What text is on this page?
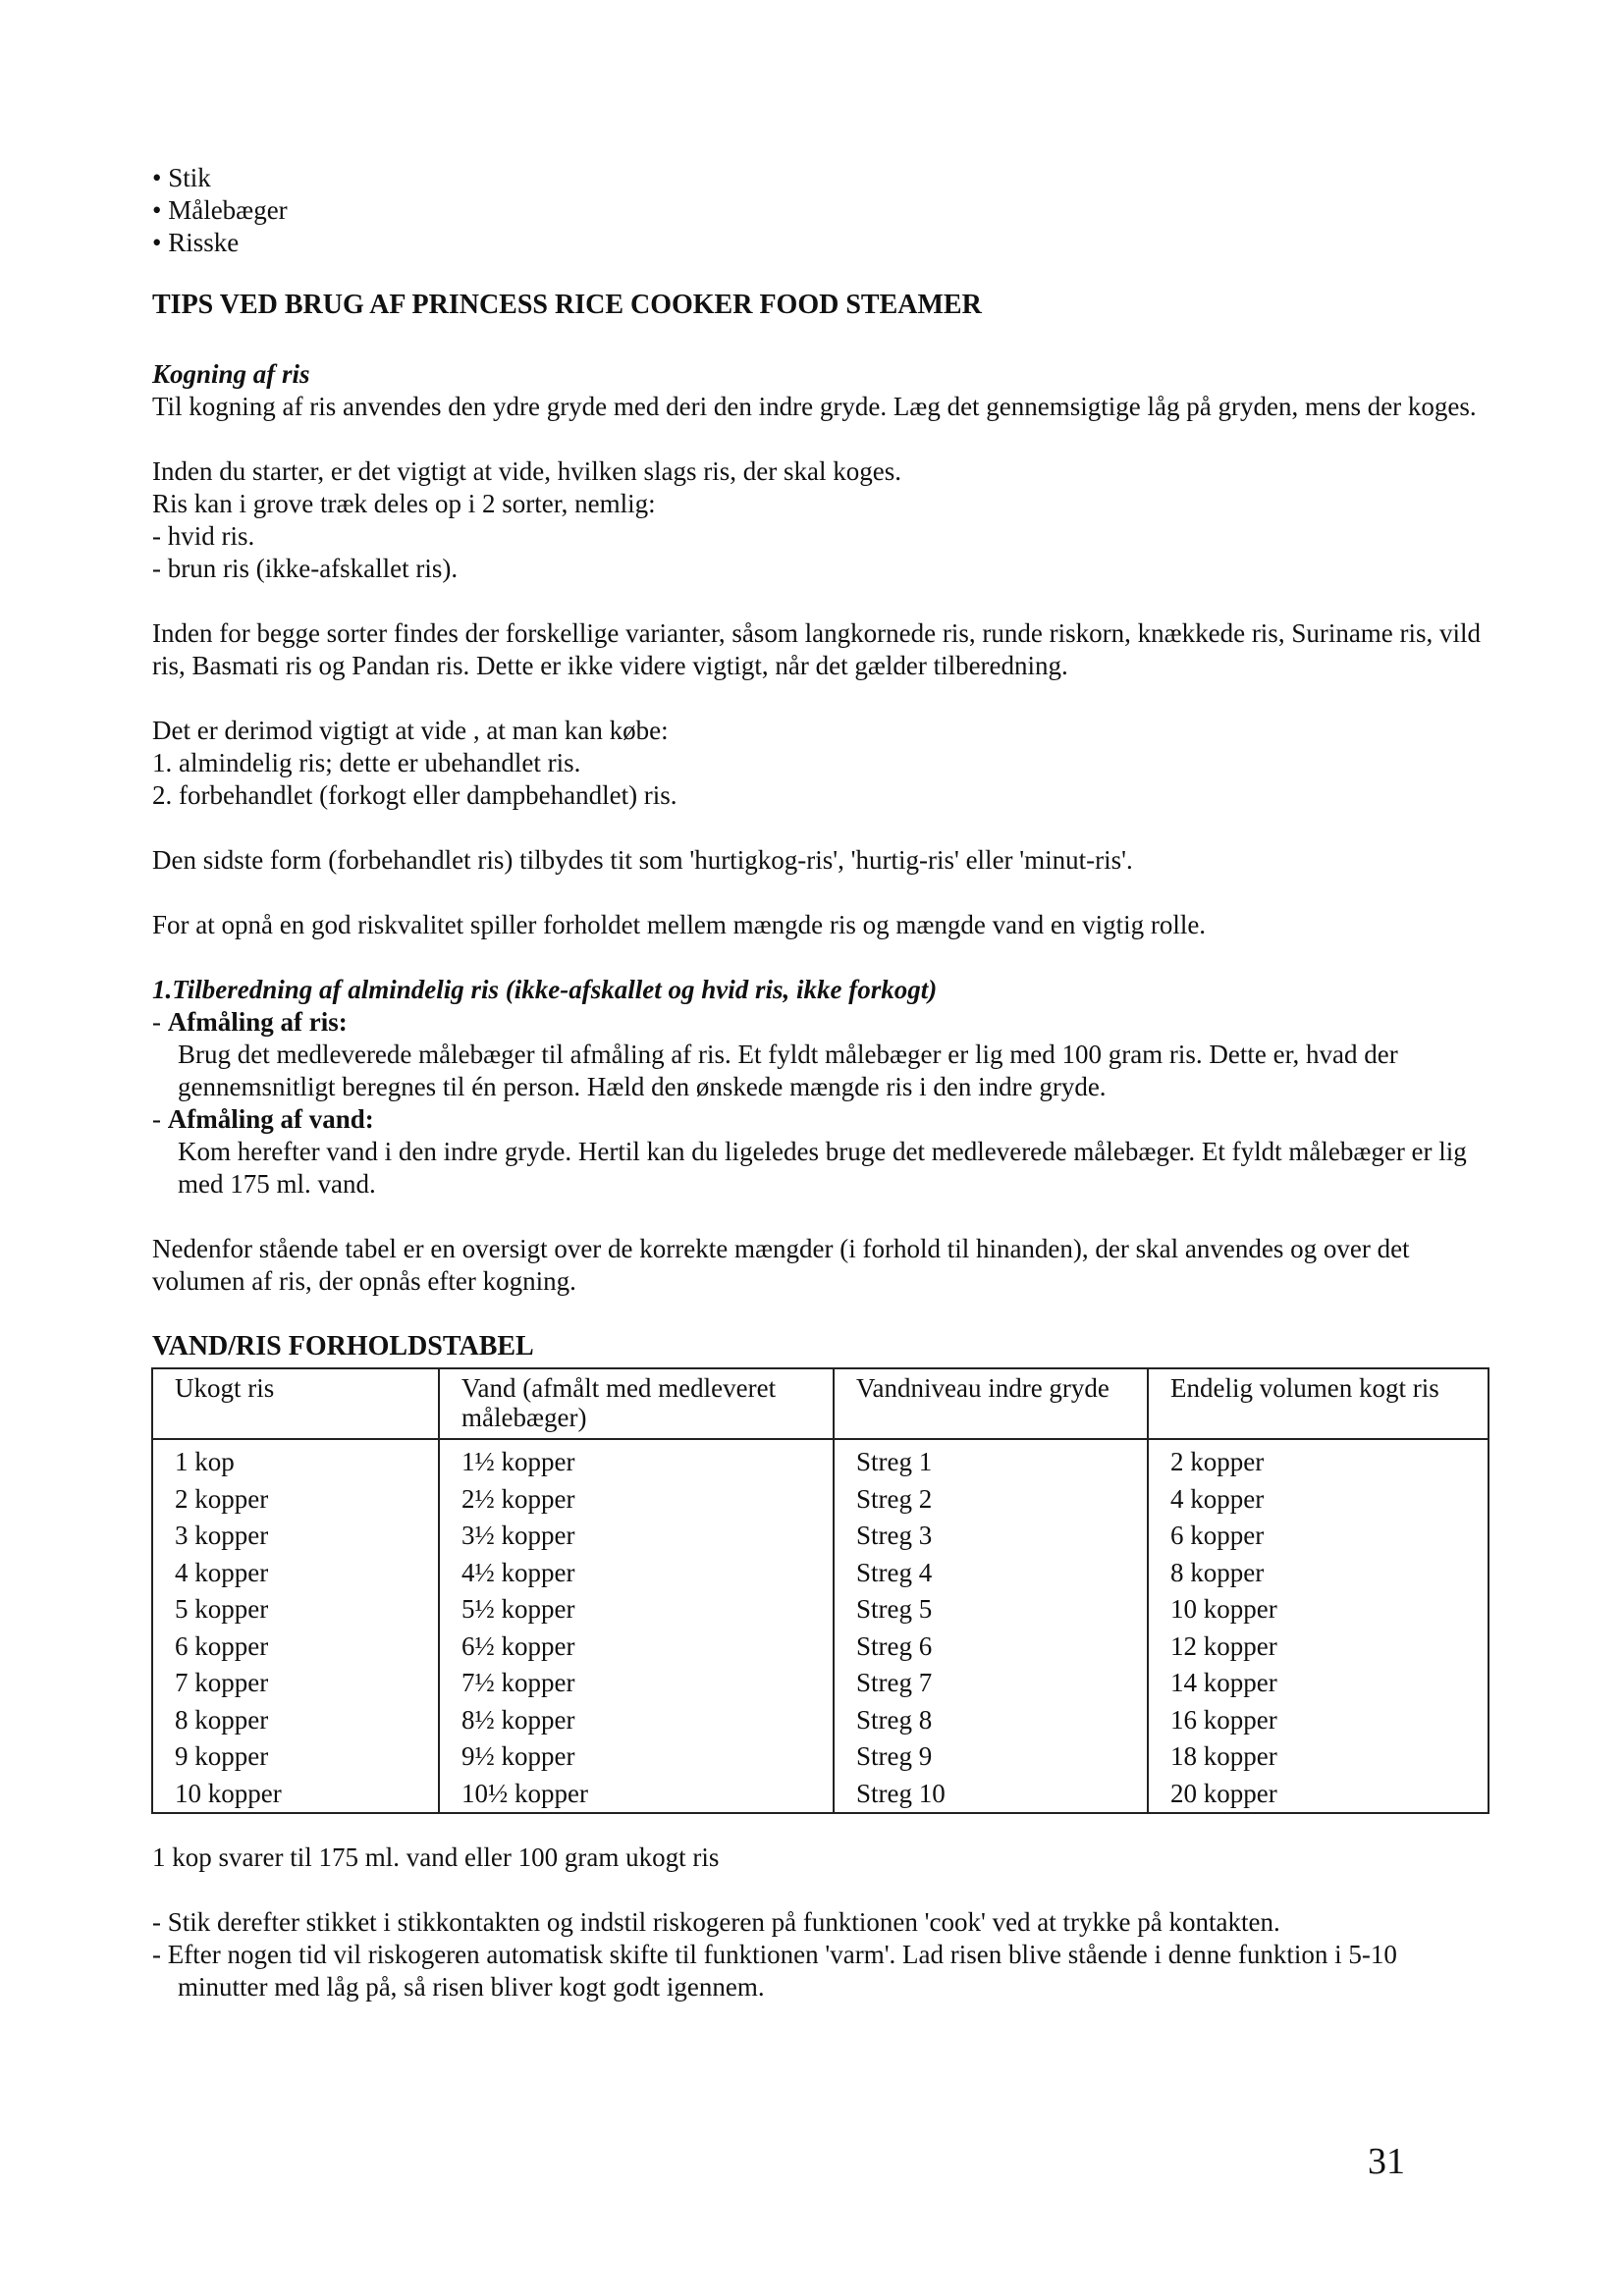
• Stik
• Målebæger
• Risske
TIPS VED BRUG AF PRINCESS RICE COOKER FOOD STEAMER
Kogning af ris

Til kogning af ris anvendes den ydre gryde med deri den indre gryde. Læg det gennemsigtige låg på gryden, mens der koges.

Inden du starter, er det vigtigt at vide, hvilken slags ris, der skal koges.
Ris kan i grove træk deles op i 2 sorter, nemlig:
- hvid ris.
- brun ris (ikke-afskallet ris).

Inden for begge sorter findes der forskellige varianter, såsom langkornede ris, runde riskorn, knækkede ris, Suriname ris, vild ris, Basmati ris og Pandan ris. Dette er ikke videre vigtigt, når det gælder tilberedning.

Det er derimod vigtigt at vide , at man kan købe:
1. almindelig ris; dette er ubehandlet ris.
2. forbehandlet (forkogt eller dampbehandlet) ris.

Den sidste form (forbehandlet ris) tilbydes tit som 'hurtigkog-ris', 'hurtig-ris' eller 'minut-ris'.

For at opnå en god riskvalitet spiller forholdet mellem mængde ris og mængde vand en vigtig rolle.

1.Tilberedning af almindelig ris (ikke-afskallet og hvid ris, ikke forkogt)
- Afmåling af ris:

Brug det medleverede målebæger til afmåling af ris. Et fyldt målebæger er lig med 100 gram ris. Dette er, hvad der gennemsnitligt beregnes til én person. Hæld den ønskede mængde ris i den indre gryde.

- Afmåling af vand:

Kom herefter vand i den indre gryde. Hertil kan du ligeledes bruge det medleverede målebæger. Et fyldt målebæger er lig med 175 ml. vand.

Nedenfor stående tabel er en oversigt over de korrekte mængder (i forhold til hinanden), der skal anvendes og over det volumen af ris, der opnås efter kogning.

VAND/RIS FORHOLDSTABEL
Ukogt ris	Vand (afmålt med medleveret målebæger)	Vandniveau indre gryde	Endelig volumen kogt ris
1 kop	1½ kopper	Streg 1	2 kopper
2 kopper	2½ kopper	Streg 2	4 kopper
3 kopper	3½ kopper	Streg 3	6 kopper
4 kopper	4½ kopper	Streg 4	8 kopper
5 kopper	5½ kopper	Streg 5	10 kopper
6 kopper	6½ kopper	Streg 6	12 kopper
7 kopper	7½ kopper	Streg 7	14 kopper
8 kopper	8½ kopper	Streg 8	16 kopper
9 kopper	9½ kopper	Streg 9	18 kopper
10 kopper	10½ kopper	Streg 10	20 kopper

1 kop svarer til 175 ml. vand eller 100 gram ukogt ris

- Stik derefter stikket i stikkontakten og indstil riskogeren på funktionen 'cook' ved at trykke på kontakten.

- Efter nogen tid vil riskogeren automatisk skifte til funktionen 'varm'. Lad risen blive stående i denne funktion i 5-10 minutter med låg på, så risen bliver kogt godt igennem.

31
